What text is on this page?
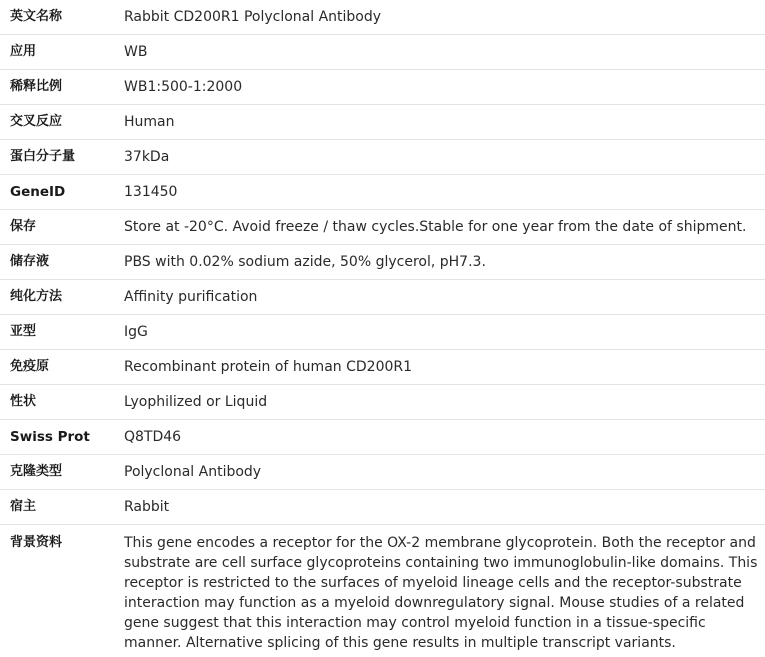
英文名称	Rabbit CD200R1 Polyclonal Antibody
应用	WB
稀释比例	WB1:500-1:2000
交叉反应	Human
蛋白分子量	37kDa
GeneID	131450
保存	Store at -20°C. Avoid freeze / thaw cycles.Stable for one year from the date of shipment.
储存液	PBS with 0.02% sodium azide, 50% glycerol, pH7.3.
纯化方法	Affinity purification
亚型	IgG
免疫原	Recombinant protein of human CD200R1
性状	Lyophilized or Liquid
Swiss Prot	Q8TD46
克隆类型	Polyclonal Antibody
宿主	Rabbit
背景资料	This gene encodes a receptor for the OX-2 membrane glycoprotein. Both the receptor and substrate are cell surface glycoproteins containing two immunoglobulin-like domains. This receptor is restricted to the surfaces of myeloid lineage cells and the receptor-substrate interaction may function as a myeloid downregulatory signal. Mouse studies of a related gene suggest that this interaction may control myeloid function in a tissue-specific manner. Alternative splicing of this gene results in multiple transcript variants.
